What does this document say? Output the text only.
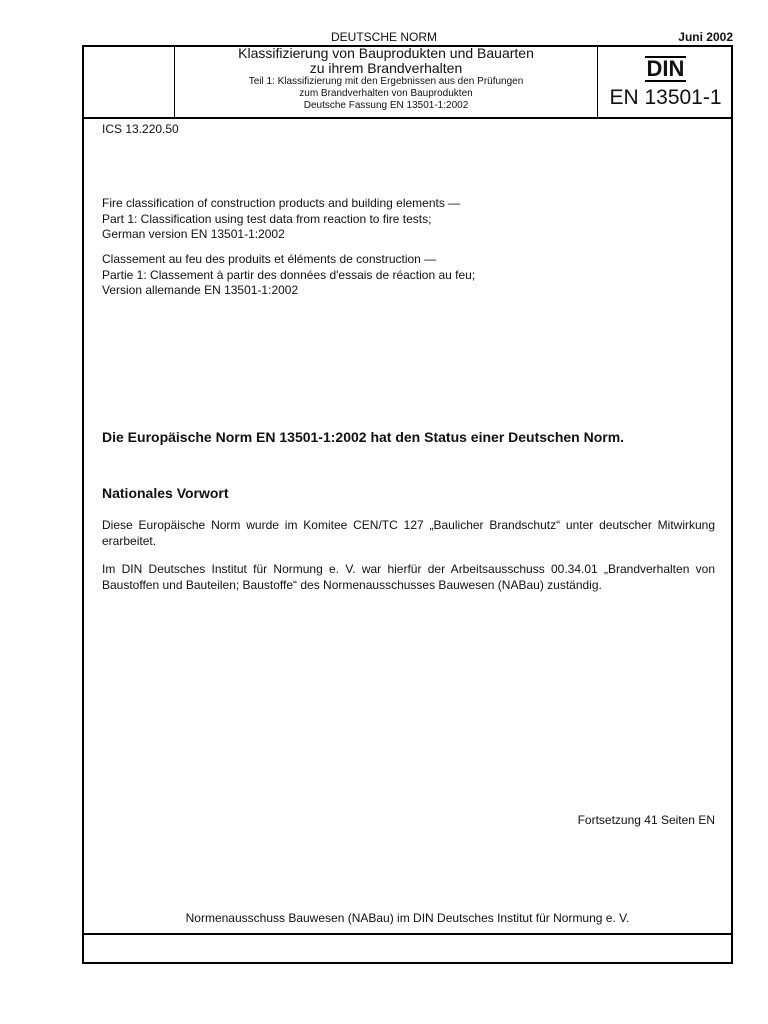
DEUTSCHE NORM	Juni 2002
Klassifizierung von Bauprodukten und Bauarten
zu ihrem Brandverhalten
Teil 1: Klassifizierung mit den Ergebnissen aus den Prüfungen
zum Brandverhalten von Bauprodukten
Deutsche Fassung EN 13501-1:2002
DIN
EN 13501-1
ICS 13.220.50
Fire classification of construction products and building elements —
Part 1: Classification using test data from reaction to fire tests;
German version EN 13501-1:2002
Classement au feu des produits et éléments de construction —
Partie 1: Classement à partir des données d'essais de réaction au feu;
Version allemande EN 13501-1:2002
Die Europäische Norm EN 13501-1:2002 hat den Status einer Deutschen Norm.
Nationales Vorwort
Diese Europäische Norm wurde im Komitee CEN/TC 127 „Baulicher Brandschutz“ unter deutscher Mitwirkung erarbeitet.
Im DIN Deutsches Institut für Normung e. V. war hierfür der Arbeitsausschuss 00.34.01 „Brandverhalten von Baustoffen und Bauteilen; Baustoffe“ des Normenausschusses Bauwesen (NABau) zuständig.
Fortsetzung 41 Seiten EN
Normenausschuss Bauwesen (NABau) im DIN Deutsches Institut für Normung e. V.
